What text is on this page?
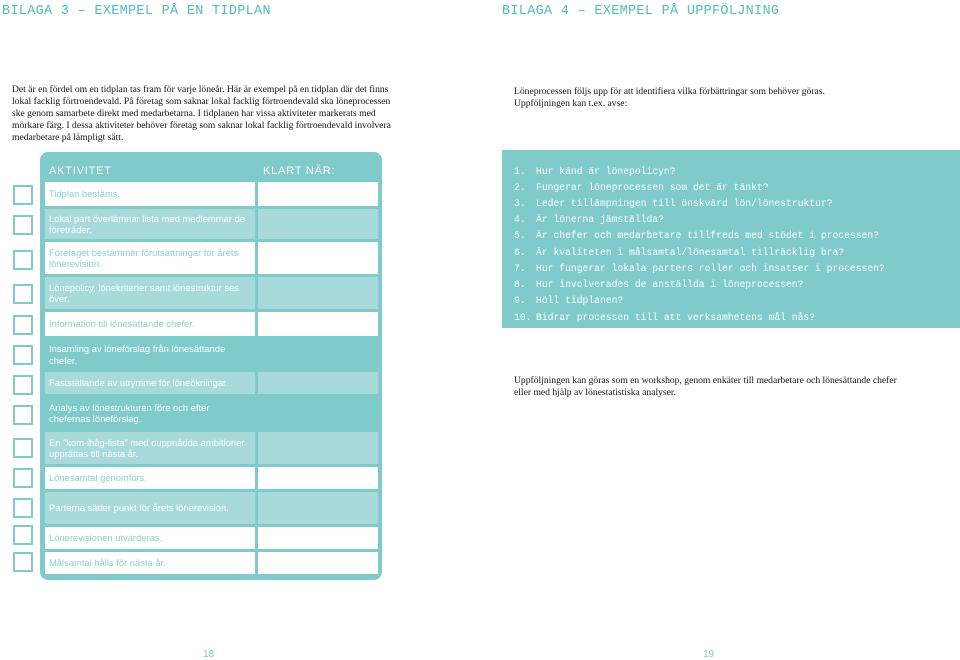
BILAGA 3 – EXEMPEL PÅ EN TIDPLAN	BILAGA 4 – EXEMPEL PÅ UPPFÖLJNING

Det är en fördel om en tidplan tas fram för varje löneår. Här är exempel på en tidplan där det finns lokal facklig förtroendevald. På företag som saknar lokal facklig förtroendevald ska löneprocessen ske genom samarbete direkt med medarbetarna. I tidplanen har vissa aktiviteter markerats med mörkare färg. I dessa aktiviteter behöver företag som saknar lokal facklig förtroendevald involvera medarbetare på lämpligt sätt.

AKTIVITET	KLART NÄR:
Tidplan bestäms.
Lokal part överlämnar lista med medlemmar de företräder.
Företaget bestämmer förutsättningar för årets lönerevision.
Lönepolicy, lönekriterier samt lönestruktur ses över.
Information till lönesättande chefer.
Insamling av löneförslag från lönesättande chefer.
Fastställande av utrymme för löneökningar.
Analys av lönestrukturen före och efter chefernas löneförslag.
En ”kom-ihåg-lista” med ouppnådda ambitioner upprättas till nästa år.
Lönesamtal genomförs.
Parterna sätter punkt för årets lönerevision.
Lönerevisionen utvärderas.
Målsamtal hålls för nästa år.

Löneprocessen följs upp för att identifiera vilka förbättringar som behöver göras. Uppföljningen kan t.ex. avse:

1. Hur känd är lönepolicyn?
2. Fungerar löneprocessen som det är tänkt?
3. Leder tillämpningen till önskvärd lön/lönestruktur?
4. Är lönerna jämställda?
5. Är chefer och medarbetare tillfreds med stödet i processen?
6. Är kvaliteten i målsamtal/lönesamtal tillräcklig bra?
7. Hur fungerar lokala parters roller och insatser i processen?
8. Hur involverades de anställda i löneprocessen?
9. Höll tidplanen?
10. Bidrar processen till att verksamhetens mål nås?

Uppföljningen kan göras som en workshop, genom enkäter till medarbetare och lönesättande chefer eller med hjälp av lönestatistiska analyser.

18	19
